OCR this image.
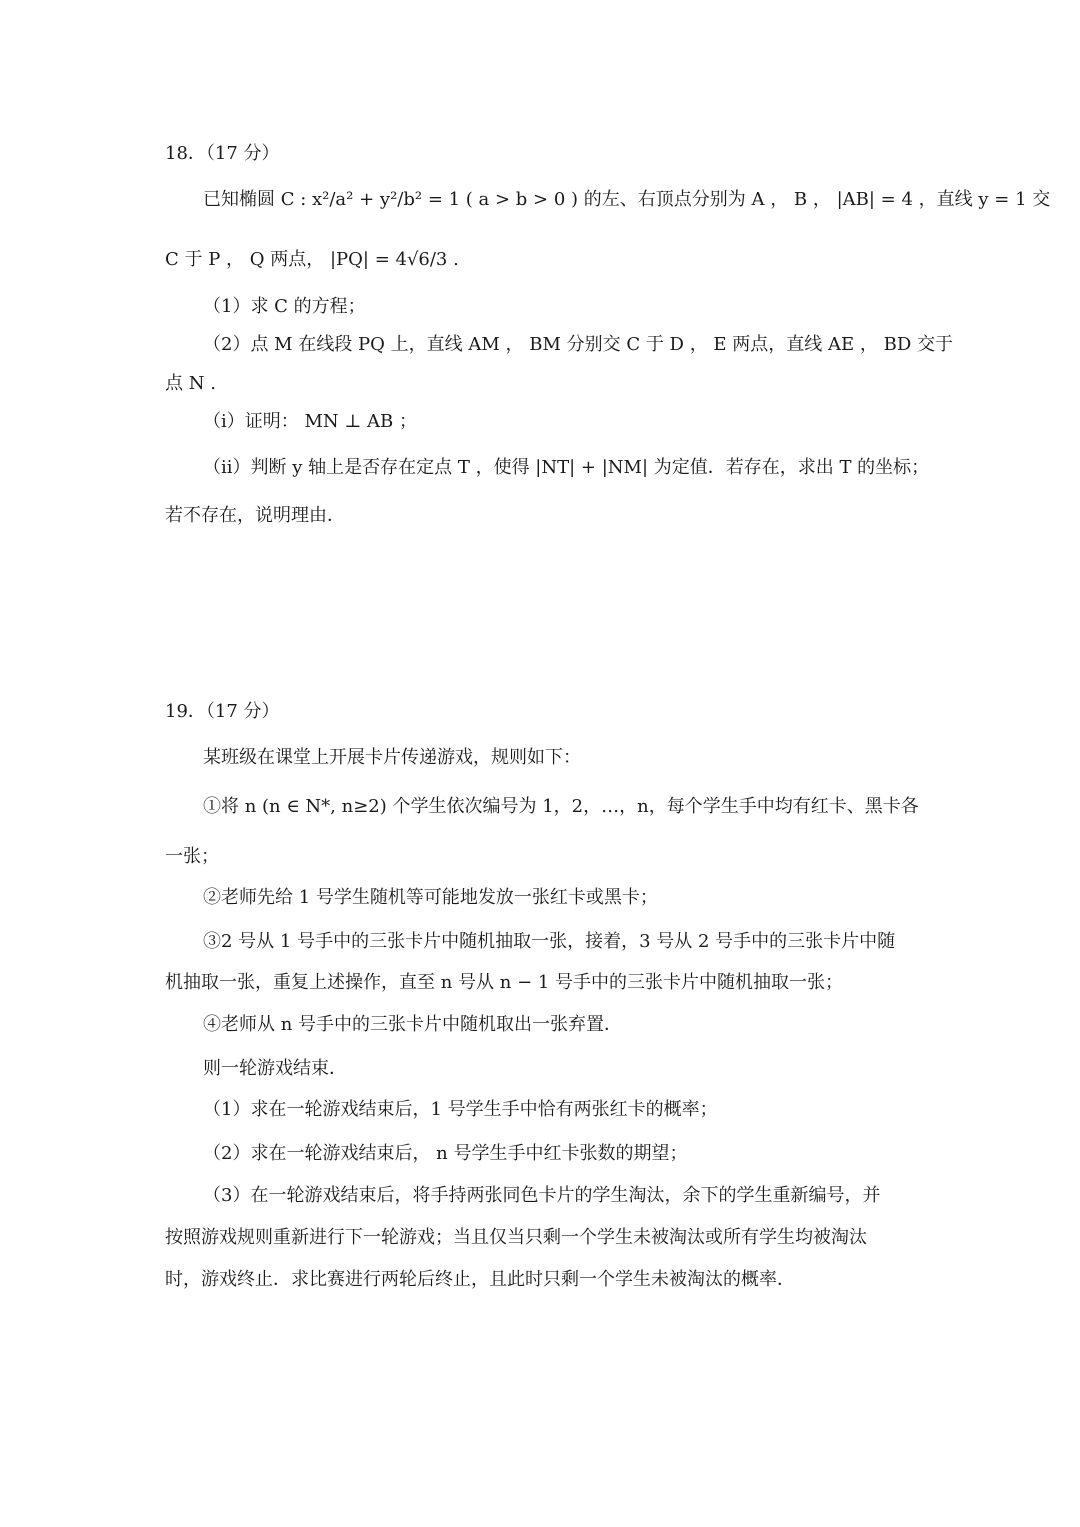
18．（17 分）
已知椭圆 C : x²/a² + y²/b² = 1 ( a > b > 0 ) 的左、右顶点分别为 A ， B ， |AB| = 4 ，直线 y = 1 交
C 于 P ， Q 两点， |PQ| = 4√6/3 .
（1）求 C 的方程；
（2）点 M 在线段 PQ 上，直线 AM ， BM 分别交 C 于 D ， E 两点，直线 AE ， BD 交于
点 N .
（i）证明： MN ⊥ AB ；
（ii）判断 y 轴上是否存在定点 T ，使得 |NT| + |NM| 为定值．若存在，求出 T 的坐标；
若不存在，说明理由．
19．（17 分）
某班级在课堂上开展卡片传递游戏，规则如下：
①将 n (n ∈ N*, n≥2) 个学生依次编号为 1，2，…，n，每个学生手中均有红卡、黑卡各
一张；
②老师先给 1 号学生随机等可能地发放一张红卡或黑卡；
③2 号从 1 号手中的三张卡片中随机抽取一张，接着，3 号从 2 号手中的三张卡片中随
机抽取一张，重复上述操作，直至 n 号从 n − 1 号手中的三张卡片中随机抽取一张；
④老师从 n 号手中的三张卡片中随机取出一张弃置．
则一轮游戏结束．
（1）求在一轮游戏结束后，1 号学生手中恰有两张红卡的概率；
（2）求在一轮游戏结束后， n 号学生手中红卡张数的期望；
（3）在一轮游戏结束后，将手持两张同色卡片的学生淘汰，余下的学生重新编号，并
按照游戏规则重新进行下一轮游戏；当且仅当只剩一个学生未被淘汰或所有学生均被淘汰
时，游戏终止．求比赛进行两轮后终止，且此时只剩一个学生未被淘汰的概率．
